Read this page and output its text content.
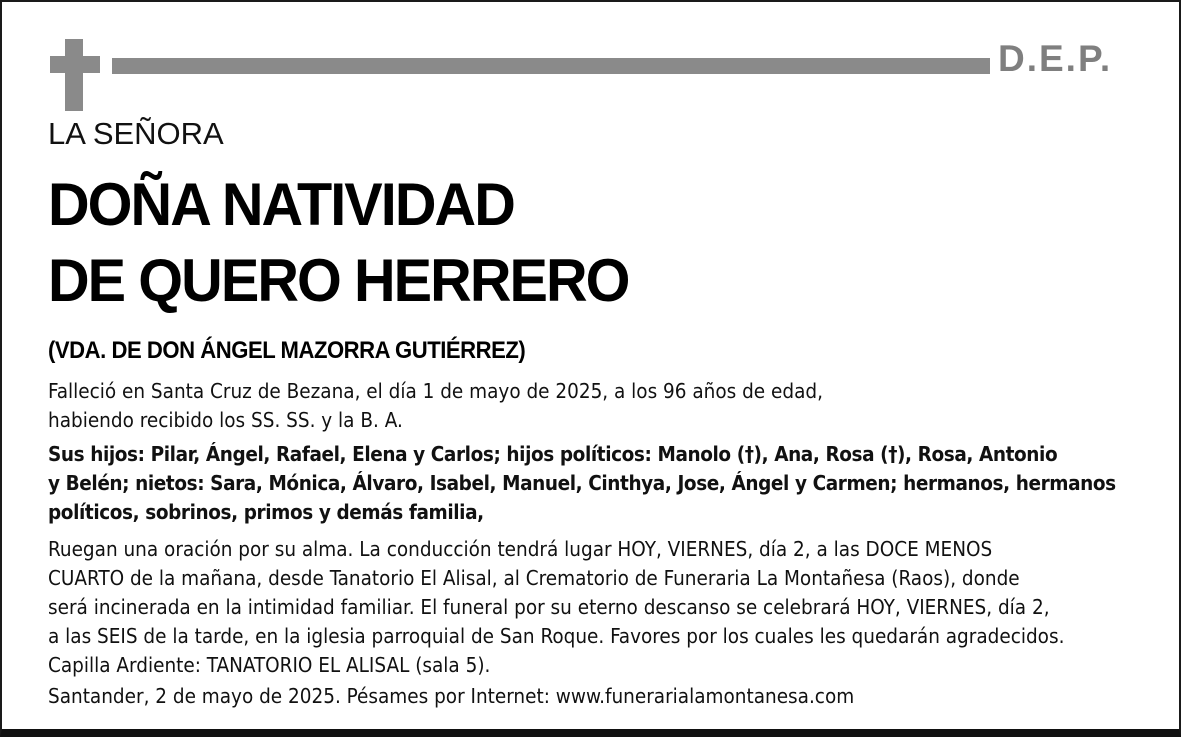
D.E.P.
LA SEÑORA
DOÑA NATIVIDAD
DE QUERO HERRERO
(VDA. DE DON ÁNGEL MAZORRA GUTIÉRREZ)
Falleció en Santa Cruz de Bezana, el día 1 de mayo de 2025, a los 96 años de edad,
habiendo recibido los SS. SS. y la B. A.
Sus hijos: Pilar, Ángel, Rafael, Elena y Carlos; hijos políticos: Manolo (†), Ana, Rosa (†), Rosa, Antonio
y Belén; nietos: Sara, Mónica, Álvaro, Isabel, Manuel, Cinthya, Jose, Ángel y Carmen; hermanos, hermanos
políticos, sobrinos, primos y demás familia,
Ruegan una oración por su alma. La conducción tendrá lugar HOY, VIERNES, día 2, a las DOCE MENOS
CUARTO de la mañana, desde Tanatorio El Alisal, al Crematorio de Funeraria La Montañesa (Raos), donde
será incinerada en la intimidad familiar. El funeral por su eterno descanso se celebrará HOY, VIERNES, día 2,
a las SEIS de la tarde, en la iglesia parroquial de San Roque. Favores por los cuales les quedarán agradecidos.
Capilla Ardiente: TANATORIO EL ALISAL (sala 5).
Santander, 2 de mayo de 2025. Pésames por Internet: www.funerarialamontanesa.com
